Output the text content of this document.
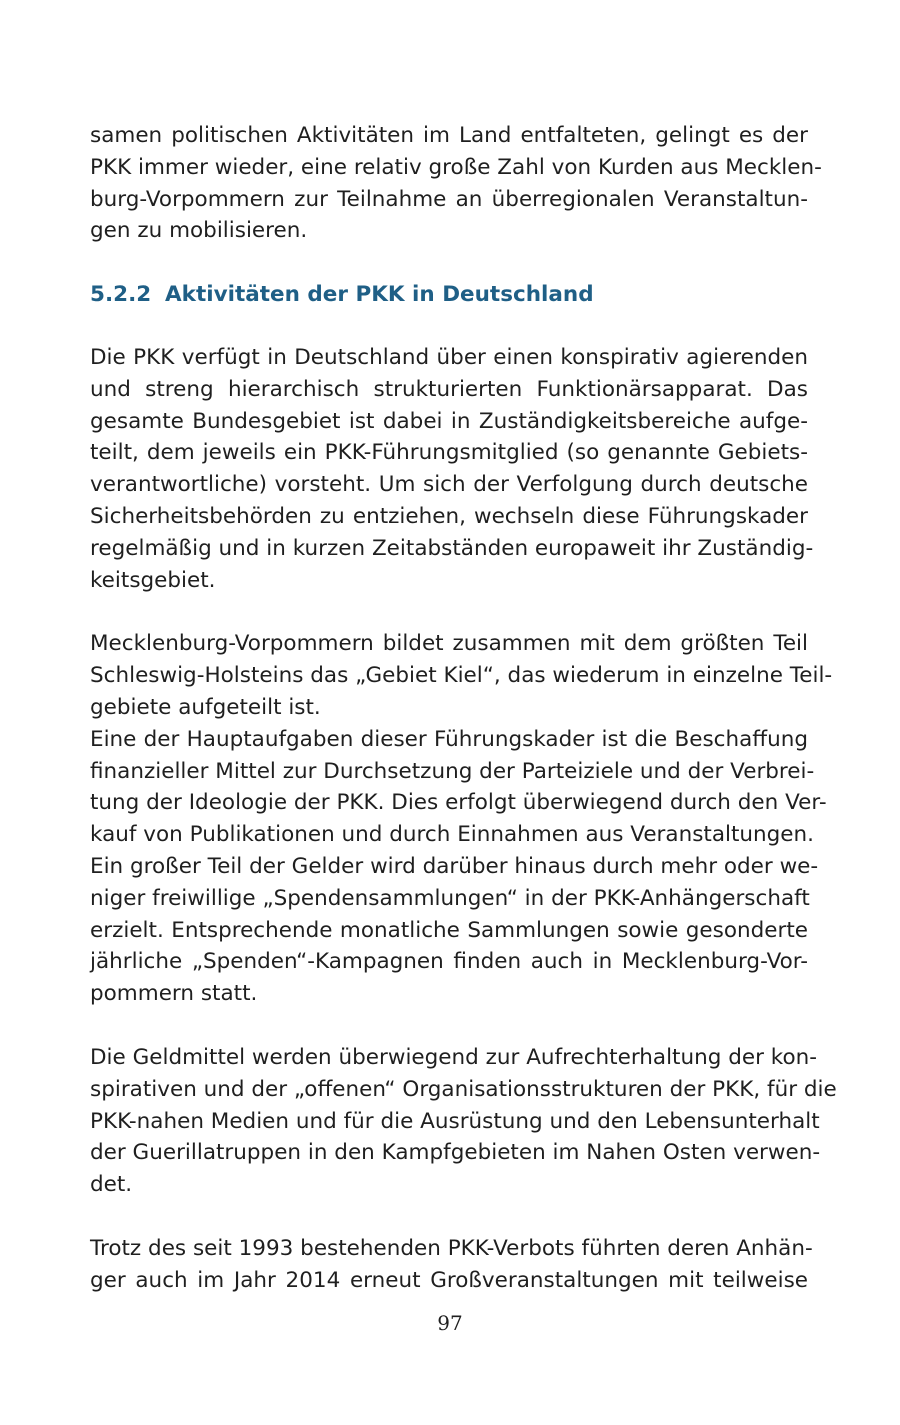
samen politischen Aktivitäten im Land entfalteten, gelingt es der
PKK immer wieder, eine relativ große Zahl von Kurden aus Mecklen-
burg-Vorpommern zur Teilnahme an überregionalen Veranstaltun-
gen zu mobilisieren.

5.2.2 Aktivitäten der PKK in Deutschland

Die PKK verfügt in Deutschland über einen konspirativ agierenden
und streng hierarchisch strukturierten Funktionärsapparat. Das
gesamte Bundesgebiet ist dabei in Zuständigkeitsbereiche aufge-
teilt, dem jeweils ein PKK-Führungsmitglied (so genannte Gebiets-
verantwortliche) vorsteht. Um sich der Verfolgung durch deutsche
Sicherheitsbehörden zu entziehen, wechseln diese Führungskader
regelmäßig und in kurzen Zeitabständen europaweit ihr Zuständig-
keitsgebiet.

Mecklenburg-Vorpommern bildet zusammen mit dem größten Teil
Schleswig-Holsteins das „Gebiet Kiel“, das wiederum in einzelne Teil-
gebiete aufgeteilt ist.

Eine der Hauptaufgaben dieser Führungskader ist die Beschaffung
finanzieller Mittel zur Durchsetzung der Parteiziele und der Verbrei-
tung der Ideologie der PKK. Dies erfolgt überwiegend durch den Ver-
kauf von Publikationen und durch Einnahmen aus Veranstaltungen.
Ein großer Teil der Gelder wird darüber hinaus durch mehr oder we-
niger freiwillige „Spendensammlungen“ in der PKK-Anhängerschaft
erzielt. Entsprechende monatliche Sammlungen sowie gesonderte
jährliche „Spenden“-Kampagnen finden auch in Mecklenburg-Vor-
pommern statt.

Die Geldmittel werden überwiegend zur Aufrechterhaltung der kon-
spirativen und der „offenen“ Organisationsstrukturen der PKK, für die
PKK-nahen Medien und für die Ausrüstung und den Lebensunterhalt
der Guerillatruppen in den Kampfgebieten im Nahen Osten verwen-
det.

Trotz des seit 1993 bestehenden PKK-Verbots führten deren Anhän-
ger auch im Jahr 2014 erneut Großveranstaltungen mit teilweise

97
